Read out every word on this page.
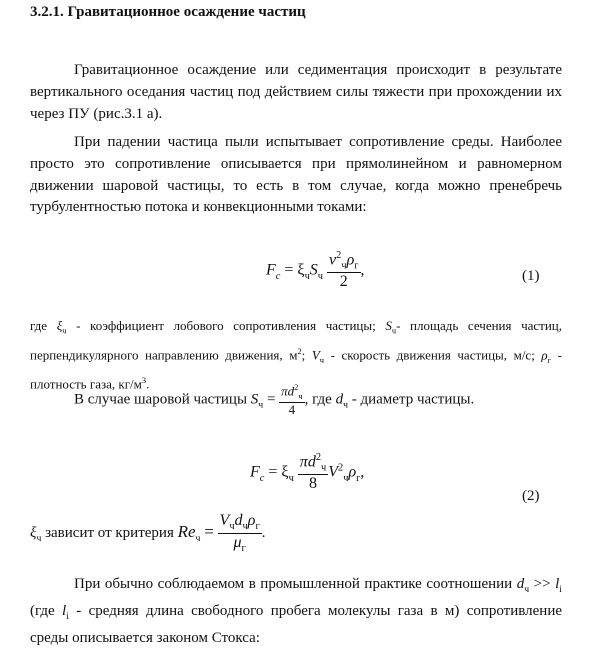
3.2.1. Гравитационное осаждение частиц

Гравитационное осаждение или седиментация происходит в результате вертикального оседания частиц под действием силы тяжести при прохождении их через ПУ (рис.3.1 а).

При падении частица пыли испытывает сопротивление среды. Наиболее просто это сопротивление описывается при прямолинейном и равномерном движении шаровой частицы, то есть в том случае, когда можно пренебречь турбулентностью потока и конвекционными токами:

$F_c = \xi_чS_ч \frac{v^2_ч\rho_г}{2}$ ,	(1)

где $\xi_ч$ - коэффициент лобового сопротивления частицы; $S_ч-$ площадь сечения частиц, перпендикулярного направлению движения, $м^2$; $V_ч$ - скорость движения частицы, м/с; $\rho_г$ - плотность газа, $кг/м^3$.

В случае шаровой частицы $S_ч = \frac{\pi d^2_ч}{4}$ , где $d_ч$ - диаметр частицы.
$F_c = \xi_ч \frac{\pi d^2_ч}{8} V^2_ч\rho_г$,
(2)
$\xi_ч$ зависит от критерия $Re_ч = \frac{V_чd_ч\rho_г}{\mu_г}$ .

При обычно соблюдаемом в промышленной практике соотношении $d_ч >> l_i$ (где $l_i$ - средняя длина свободного пробега молекулы газа в м) сопротивление среды описывается законом Стокса:
